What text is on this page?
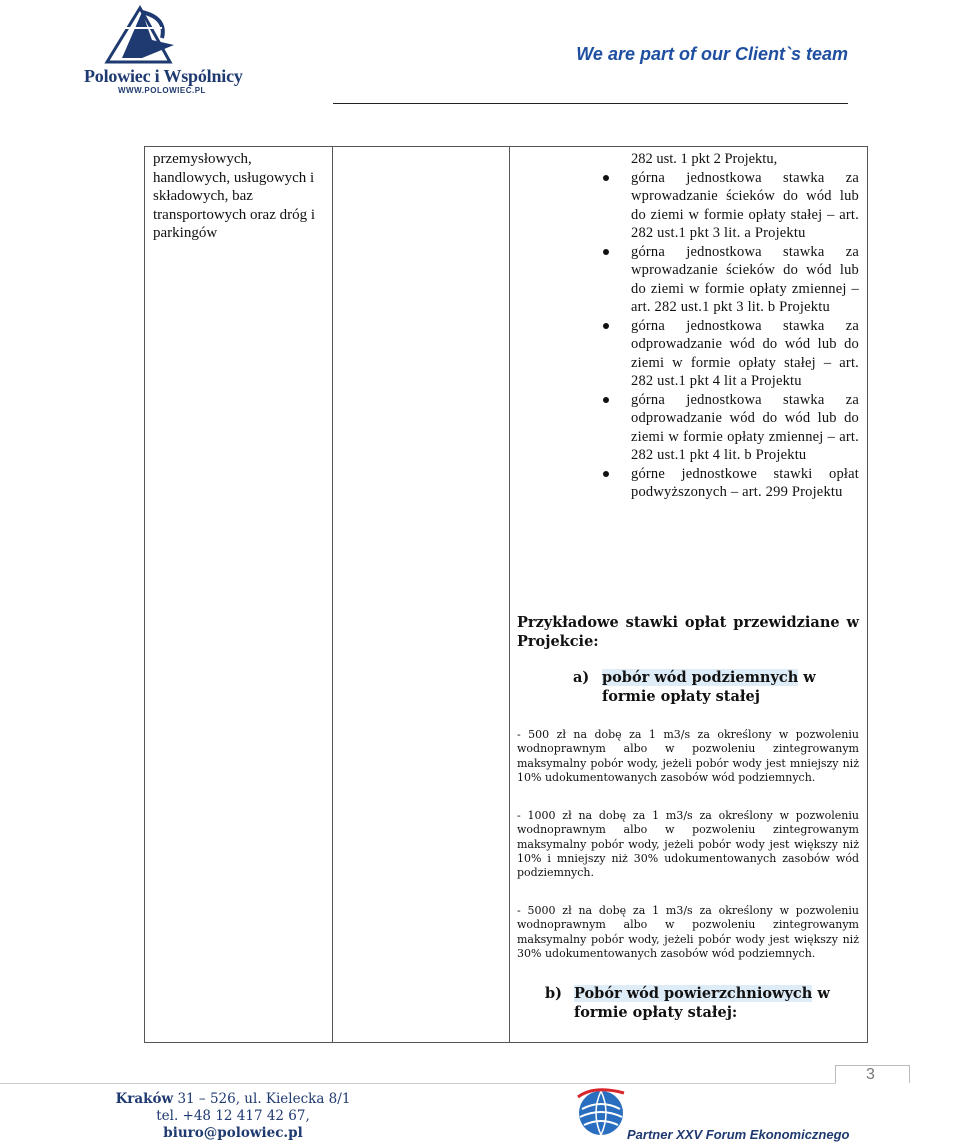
Polowiec i Wspólnicy
WWW.POLOWIEC.PL
We are part of our Client`s team
przemysłowych, handlowych, usługowych i składowych, baz transportowych oraz dróg i parkingów
282 ust. 1 pkt 2 Projektu,
górna jednostkowa stawka za wprowadzanie ścieków do wód lub do ziemi w formie opłaty stałej – art. 282 ust.1 pkt 3 lit. a Projektu
górna jednostkowa stawka za wprowadzanie ścieków do wód lub do ziemi w formie opłaty zmiennej – art. 282 ust.1 pkt 3 lit. b Projektu
górna jednostkowa stawka za odprowadzanie wód do wód lub do ziemi w formie opłaty stałej – art. 282 ust.1 pkt 4 lit a Projektu
górna jednostkowa stawka za odprowadzanie wód do wód lub do ziemi w formie opłaty zmiennej – art. 282 ust.1 pkt 4 lit. b Projektu
górne jednostkowe stawki opłat podwyższonych – art. 299 Projektu
Przykładowe stawki opłat przewidziane w Projekcie:
a) pobór wód podziemnych w formie opłaty stałej
- 500 zł na dobę za 1 m3/s za określony w pozwoleniu wodnoprawnym albo w pozwoleniu zintegrowanym maksymalny pobór wody, jeżeli pobór wody jest mniejszy niż 10% udokumentowanych zasobów wód podziemnych.
- 1000 zł na dobę za 1 m3/s za określony w pozwoleniu wodnoprawnym albo w pozwoleniu zintegrowanym maksymalny pobór wody, jeżeli pobór wody jest większy niż 10% i mniejszy niż 30% udokumentowanych zasobów wód podziemnych.
- 5000 zł na dobę za 1 m3/s za określony w pozwoleniu wodnoprawnym albo w pozwoleniu zintegrowanym maksymalny pobór wody, jeżeli pobór wody jest większy niż 30% udokumentowanych zasobów wód podziemnych.
b) Pobór wód powierzchniowych w formie opłaty stałej:
3
Kraków 31 – 526, ul. Kielecka 8/1
tel. +48 12 417 42 67,
biuro@polowiec.pl	Partner XXV Forum Ekonomicznego
